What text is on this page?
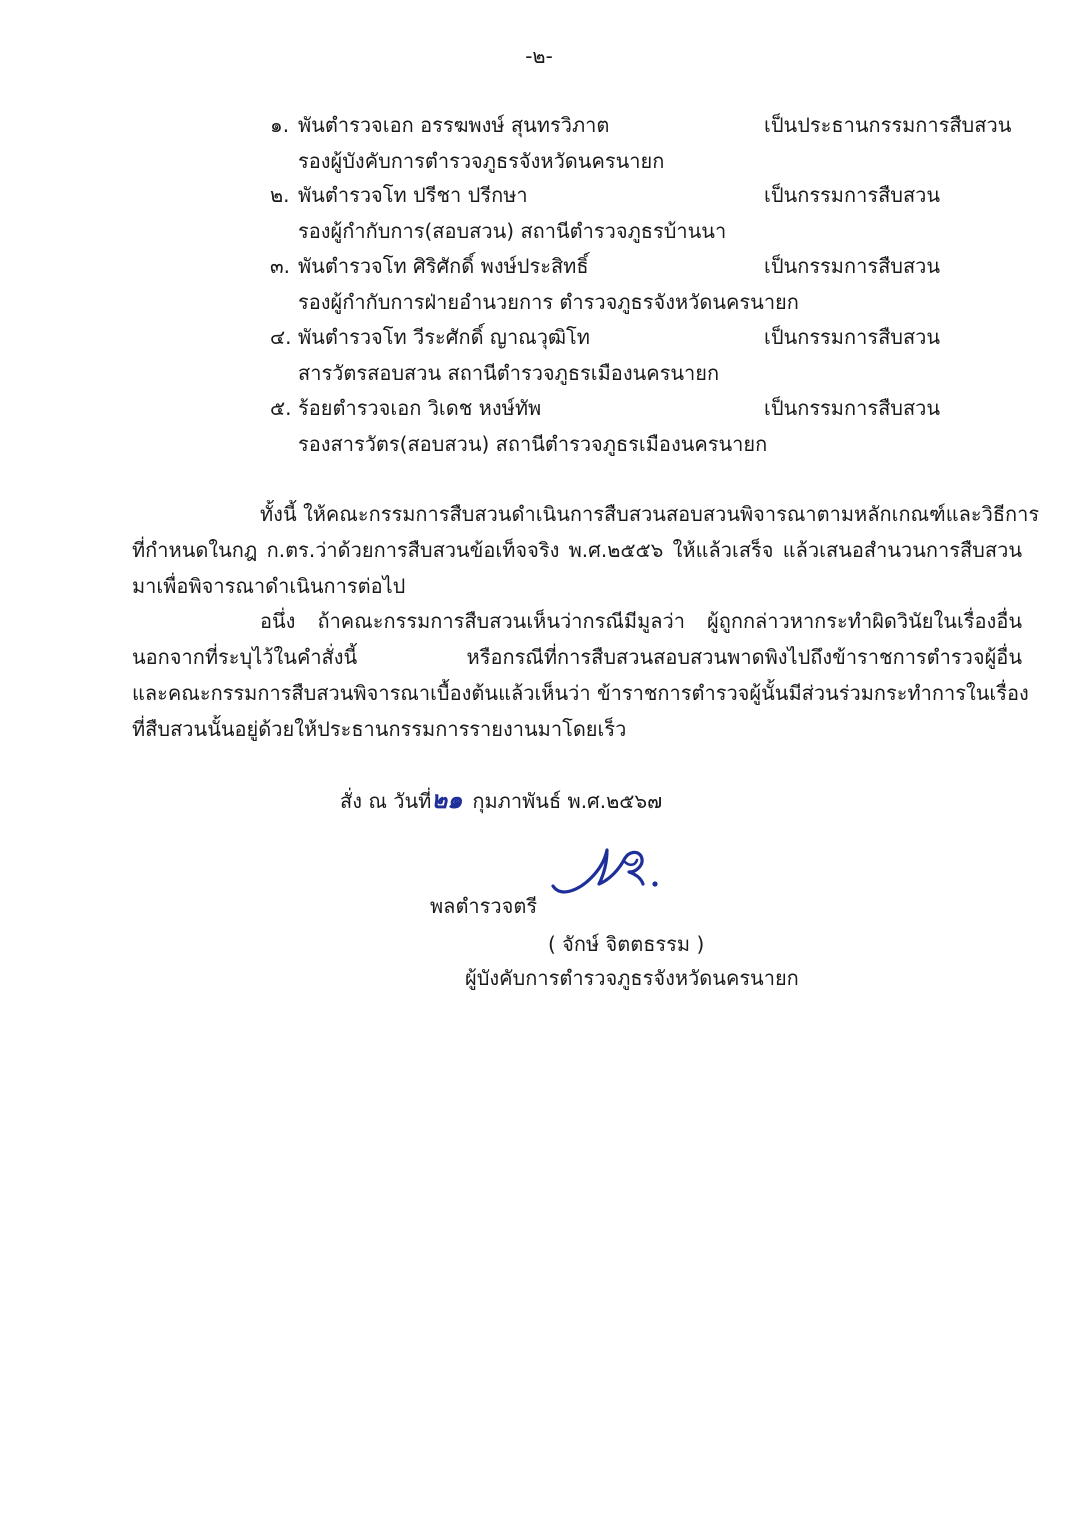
-๒-
๑. พันตำรวจเอก อรรฆพงษ์ สุนทรวิภาต	เป็นประธานกรรมการสืบสวน
รองผู้บังคับการตำรวจภูธรจังหวัดนครนายก
๒. พันตำรวจโท ปรีชา ปรีกษา	เป็นกรรมการสืบสวน
รองผู้กำกับการ(สอบสวน) สถานีตำรวจภูธรบ้านนา
๓. พันตำรวจโท ศิริศักดิ์ พงษ์ประสิทธิ์	เป็นกรรมการสืบสวน
รองผู้กำกับการฝ่ายอำนวยการ ตำรวจภูธรจังหวัดนครนายก
๔. พันตำรวจโท วีระศักดิ์ ญาณวุฒิโท	เป็นกรรมการสืบสวน
สารวัตรสอบสวน สถานีตำรวจภูธรเมืองนครนายก
๕. ร้อยตำรวจเอก วิเดช หงษ์ทัพ	เป็นกรรมการสืบสวน
รองสารวัตร(สอบสวน) สถานีตำรวจภูธรเมืองนครนายก
ทั้งนี้ ให้คณะกรรมการสืบสวนดำเนินการสืบสวนสอบสวนพิจารณาตามหลักเกณฑ์และวิธีการ
ที่กำหนดในกฎ ก.ตร.ว่าด้วยการสืบสวนข้อเท็จจริง พ.ศ.๒๕๕๖ ให้แล้วเสร็จ แล้วเสนอสำนวนการสืบสวน
มาเพื่อพิจารณาดำเนินการต่อไป
อนึ่ง ถ้าคณะกรรมการสืบสวนเห็นว่ากรณีมีมูลว่า ผู้ถูกกล่าวหากระทำผิดวินัยในเรื่องอื่น
นอกจากที่ระบุไว้ในคำสั่งนี้ หรือกรณีที่การสืบสวนสอบสวนพาดพิงไปถึงข้าราชการตำรวจผู้อื่น
และคณะกรรมการสืบสวนพิจารณาเบื้องต้นแล้วเห็นว่า ข้าราชการตำรวจผู้นั้นมีส่วนร่วมกระทำการในเรื่อง
ที่สืบสวนนั้นอยู่ด้วยให้ประธานกรรมการรายงานมาโดยเร็ว
สั่ง ณ วันที่๒๑ กุมภาพันธ์ พ.ศ.๒๕๖๗
พลตำรวจตรี
( จักษ์ จิตตธรรม )
ผู้บังคับการตำรวจภูธรจังหวัดนครนายก
